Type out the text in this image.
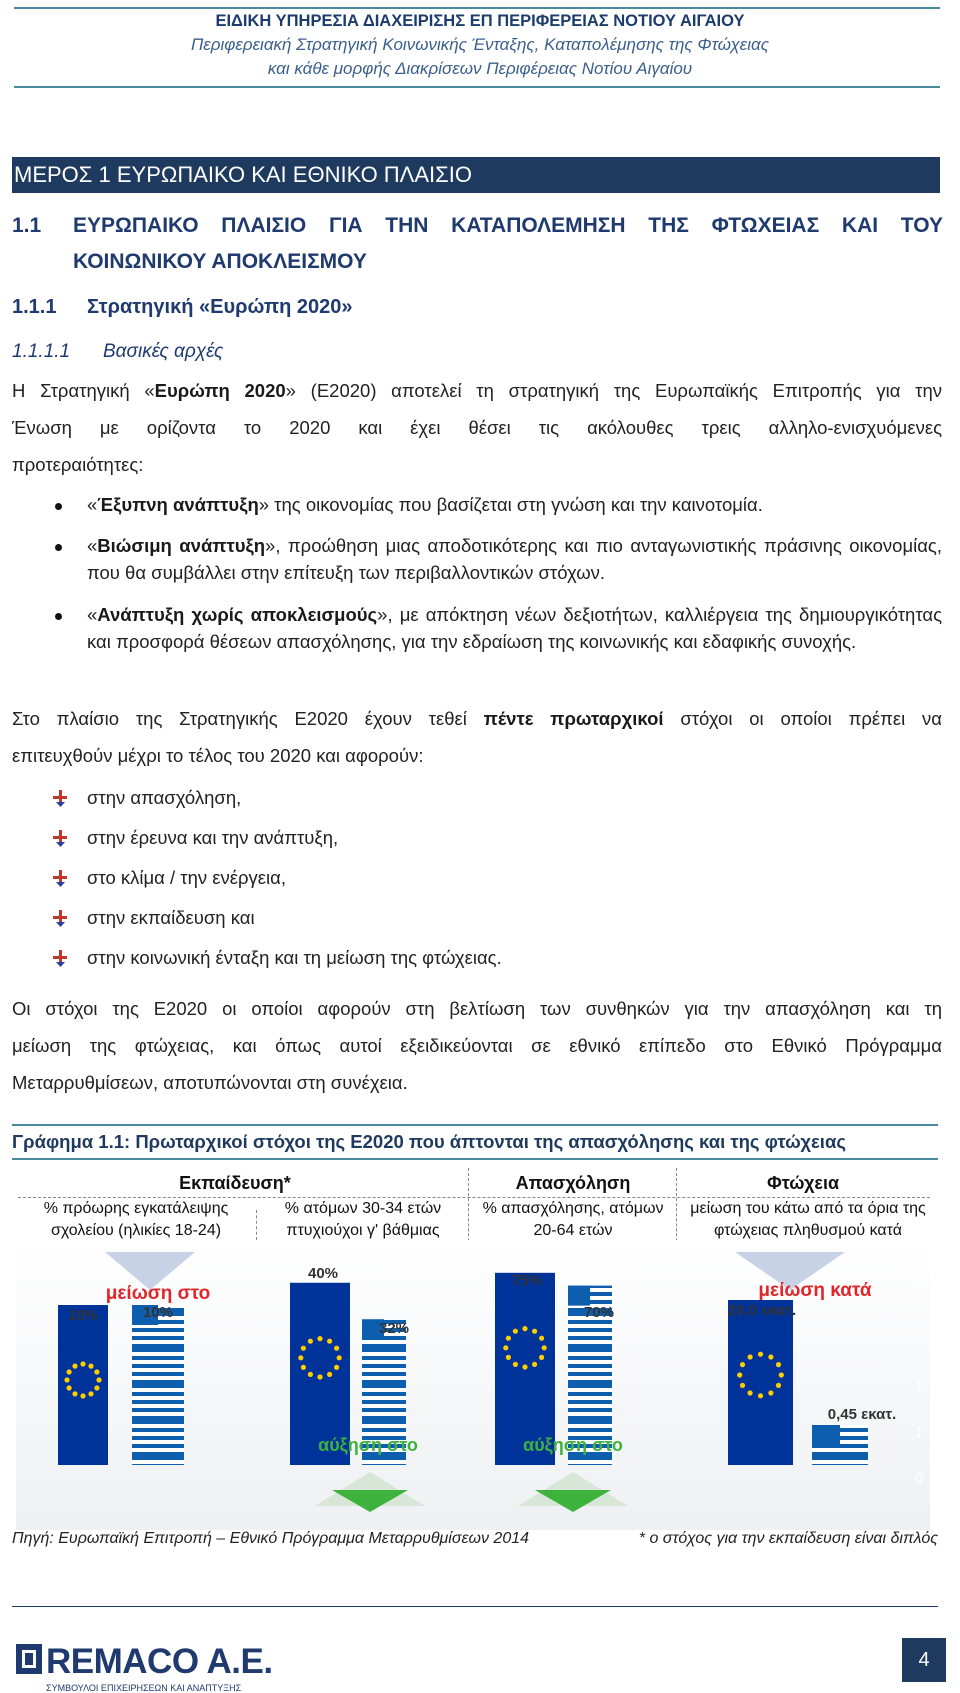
ΕΙΔΙΚΗ ΥΠΗΡΕΣΙΑ ΔΙΑΧΕΙΡΙΣΗΣ ΕΠ ΠΕΡΙΦΕΡΕΙΑΣ ΝΟΤΙΟΥ ΑΙΓΑΙΟΥ
Περιφερειακή Στρατηγική Κοινωνικής Ένταξης, Καταπολέμησης της Φτώχειας
και κάθε μορφής Διακρίσεων Περιφέρειας Νοτίου Αιγαίου
ΜΕΡΟΣ 1 ΕΥΡΩΠΑΙΚΟ ΚΑΙ ΕΘΝΙΚΟ ΠΛΑΙΣΙΟ
1.1 ΕΥΡΩΠΑΙΚΟ ΠΛΑΙΣΙΟ ΓΙΑ ΤΗΝ ΚΑΤΑΠΟΛΕΜΗΣΗ ΤΗΣ ΦΤΩΧΕΙΑΣ ΚΑΙ ΤΟΥ
ΚΟΙΝΩΝΙΚΟΥ ΑΠΟΚΛΕΙΣΜΟΥ
1.1.1 Στρατηγική «Ευρώπη 2020»
1.1.1.1 Βασικές αρχές
Η Στρατηγική «Ευρώπη 2020» (Ε2020) αποτελεί τη στρατηγική της Ευρωπαϊκής Επιτροπής για την
Ένωση με ορίζοντα το 2020 και έχει θέσει τις ακόλουθες τρεις αλληλο-ενισχυόμενες
προτεραιότητες:
«Έξυπνη ανάπτυξη» της οικονομίας που βασίζεται στη γνώση και την καινοτομία.
«Βιώσιμη ανάπτυξη», προώθηση μιας αποδοτικότερης και πιο ανταγωνιστικής πράσινης οικονομίας, που θα συμβάλλει στην επίτευξη των περιβαλλοντικών στόχων.
«Ανάπτυξη χωρίς αποκλεισμούς», με απόκτηση νέων δεξιοτήτων, καλλιέργεια της δημιουργικότητας και προσφορά θέσεων απασχόλησης, για την εδραίωση της κοινωνικής και εδαφικής συνοχής.
Στο πλαίσιο της Στρατηγικής Ε2020 έχουν τεθεί πέντε πρωταρχικοί στόχοι οι οποίοι πρέπει να
επιτευχθούν μέχρι το τέλος του 2020 και αφορούν:
στην απασχόληση,
στην έρευνα και την ανάπτυξη,
στο κλίμα / την ενέργεια,
στην εκπαίδευση και
στην κοινωνική ένταξη και τη μείωση της φτώχειας.
Οι στόχοι της Ε2020 οι οποίοι αφορούν στη βελτίωση των συνθηκών για την απασχόληση και τη
μείωση της φτώχειας, και όπως αυτοί εξειδικεύονται σε εθνικό επίπεδο στο Εθνικό Πρόγραμμα
Μεταρρυθμίσεων, αποτυπώνονται στη συνέχεια.
Γράφημα 1.1: Πρωταρχικοί στόχοι της Ε2020 που άπτονται της απασχόλησης και της φτώχειας
Εκπαίδευση*	Απασχόληση	Φτώχεια
% πρόωρης εγκατάλειψης
σχολείου (ηλικίες 18-24)
% ατόμων 30-34 ετών
πτυχιούχοι γ' βάθμιας
% απασχόλησης, ατόμων
20-64 ετών
μείωση του κάτω από τα όρια της
φτώχειας πληθυσμού κατά
μείωση στο
10%	10%
40%
32%
αύξηση στο
75%
70%
αύξηση στο
μείωση κατά
20,0 εκατ.
0,45 εκατ.
2
2
1
1
0
Πηγή: Ευρωπαϊκή Επιτροπή – Εθνικό Πρόγραμμα Μεταρρυθμίσεων 2014	* ο στόχος για την εκπαίδευση είναι διπλός
REMACO A.E.
ΣΥΜΒΟΥΛΟΙ ΕΠΙΧΕΙΡΗΣΕΩΝ ΚΑΙ ΑΝΑΠΤΥΞΗΣ
4
